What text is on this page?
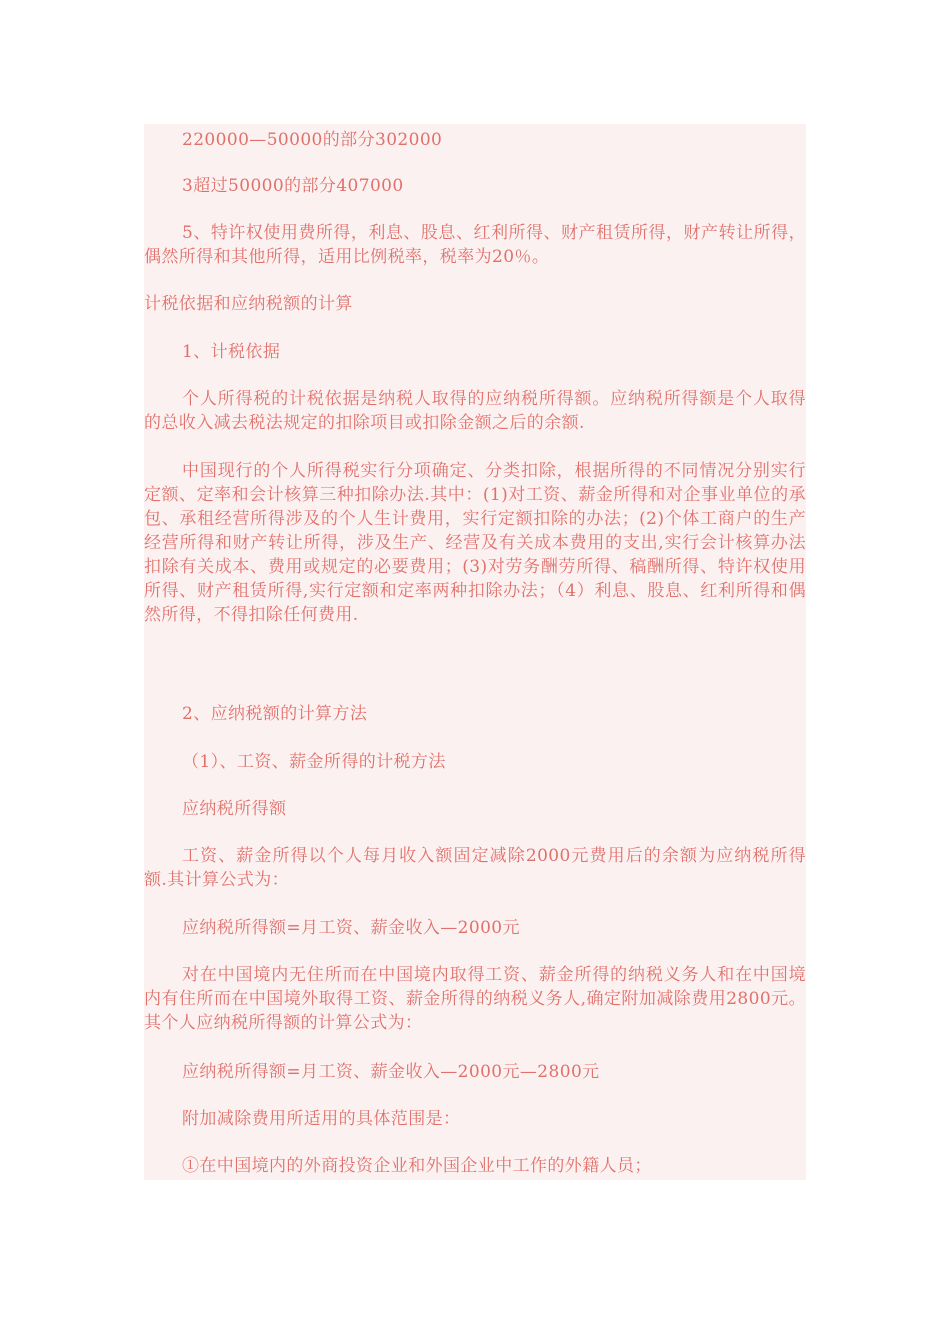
220000—50000的部分302000

3超过50000的部分407000

5、特许权使用费所得，利息、股息、红利所得、财产租赁所得，财产转让所得，偶然所得和其他所得，适用比例税率，税率为20％。

计税依据和应纳税额的计算

1、计税依据

个人所得税的计税依据是纳税人取得的应纳税所得额。应纳税所得额是个人取得的总收入减去税法规定的扣除项目或扣除金额之后的余额.

中国现行的个人所得税实行分项确定、分类扣除，根据所得的不同情况分别实行定额、定率和会计核算三种扣除办法.其中：(1)对工资、薪金所得和对企事业单位的承包、承租经营所得涉及的个人生计费用，实行定额扣除的办法；(2)个体工商户的生产经营所得和财产转让所得，涉及生产、经营及有关成本费用的支出,实行会计核算办法扣除有关成本、费用或规定的必要费用；(3)对劳务酬劳所得、稿酬所得、特许权使用所得、财产租赁所得,实行定额和定率两种扣除办法；（4）利息、股息、红利所得和偶然所得，不得扣除任何费用.

2、应纳税额的计算方法

（1）、工资、薪金所得的计税方法

应纳税所得额

工资、薪金所得以个人每月收入额固定减除2000元费用后的余额为应纳税所得额.其计算公式为：

应纳税所得额=月工资、薪金收入—2000元

对在中国境内无住所而在中国境内取得工资、薪金所得的纳税义务人和在中国境内有住所而在中国境外取得工资、薪金所得的纳税义务人,确定附加减除费用2800元。其个人应纳税所得额的计算公式为：

应纳税所得额=月工资、薪金收入—2000元—2800元

附加减除费用所适用的具体范围是：

①在中国境内的外商投资企业和外国企业中工作的外籍人员；
